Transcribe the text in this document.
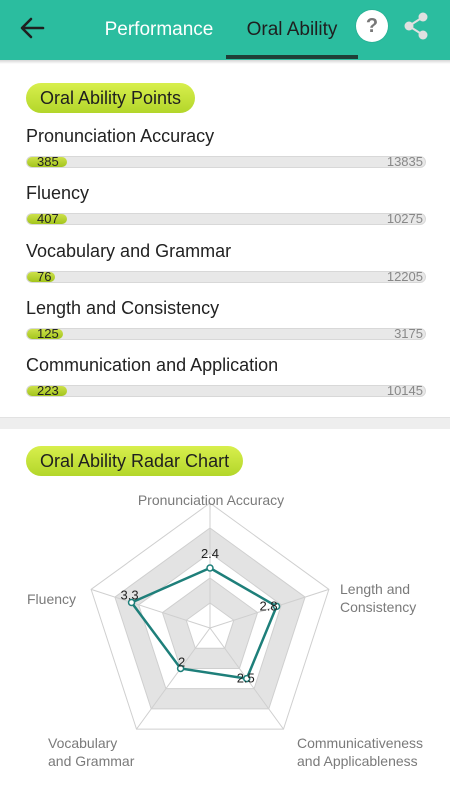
Performance	Oral Ability	?
Oral Ability Points
Pronunciation Accuracy
385	13835
Fluency
407	10275
Vocabulary and Grammar
76	12205
Length and Consistency
125	3175
Communication and Application
223	10145
Oral Ability Radar Chart
2.4
2.8
2.5
2
3.3
Pronunciation Accuracy
Length and Consistency
Communicativeness and Applicableness
Vocabulary and Grammar
Fluency
